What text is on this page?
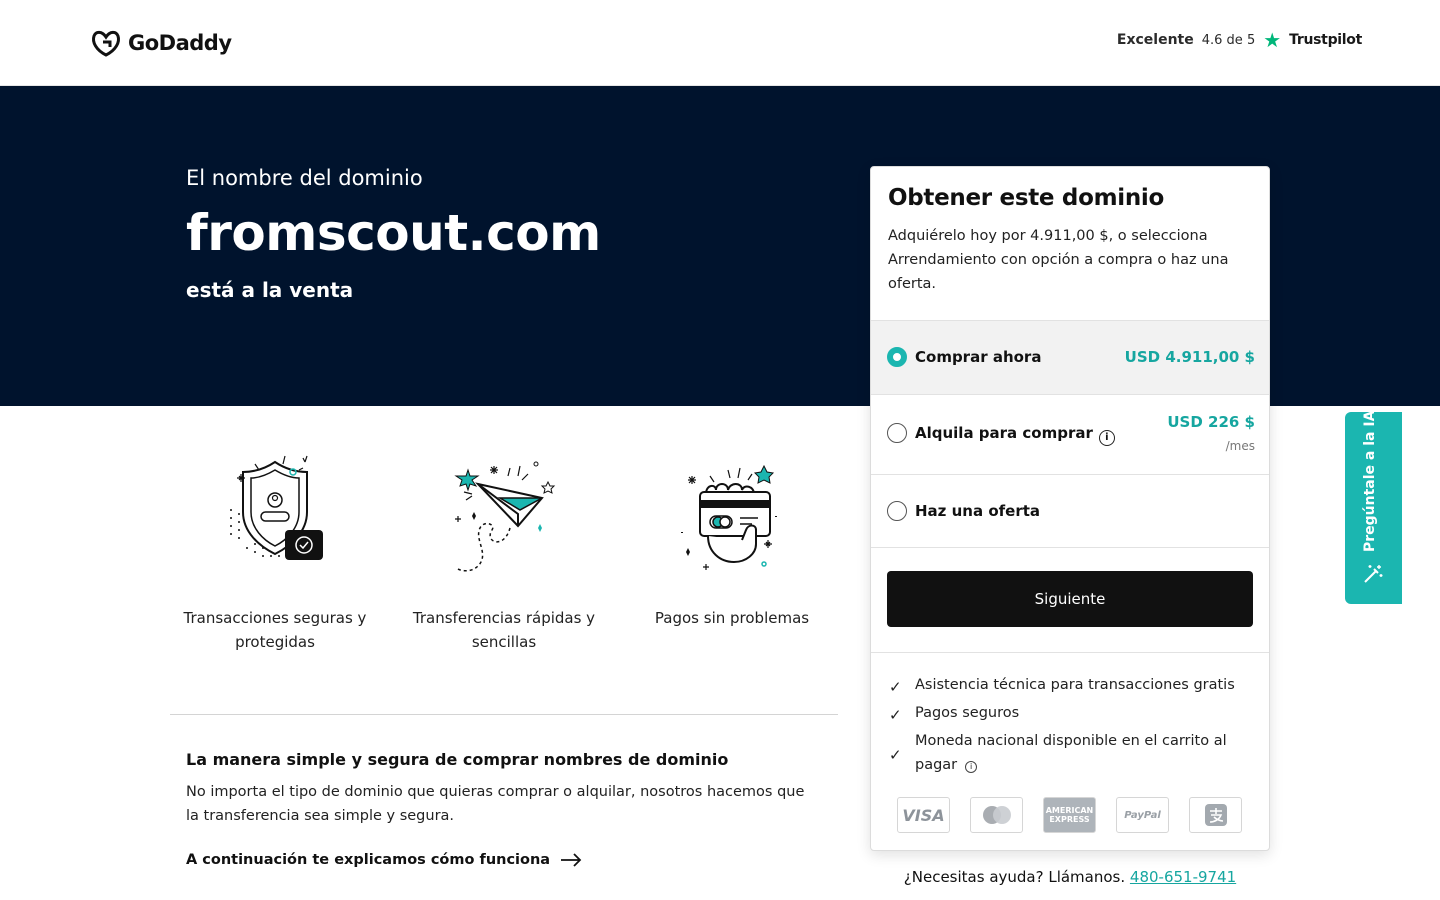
GoDaddy	Excelente 4.6 de 5 ★ Trustpilot
El nombre del dominio
fromscout.com
está a la venta
Transacciones seguras y protegidas
Transferencias rápidas y sencillas
Pagos sin problemas
La manera simple y segura de comprar nombres de dominio
No importa el tipo de dominio que quieras comprar o alquilar, nosotros hacemos que la transferencia sea simple y segura.
A continuación te explicamos cómo funciona
Obtener este dominio
Adquiérelo hoy por 4.911,00 $, o selecciona Arrendamiento con opción a compra o haz una oferta.
Comprar ahora	USD 4.911,00 $
Alquila para comprar i
USD 226 $
/mes
Haz una oferta
Siguiente
✓ Asistencia técnica para transacciones gratis
✓ Pagos seguros
✓
Moneda nacional disponible en el carrito al pagar i
VISA	AMERICAN EXPRESS	PayPal
¿Necesitas ayuda? Llámanos. 480-651-9741
Pregúntale a la IA
